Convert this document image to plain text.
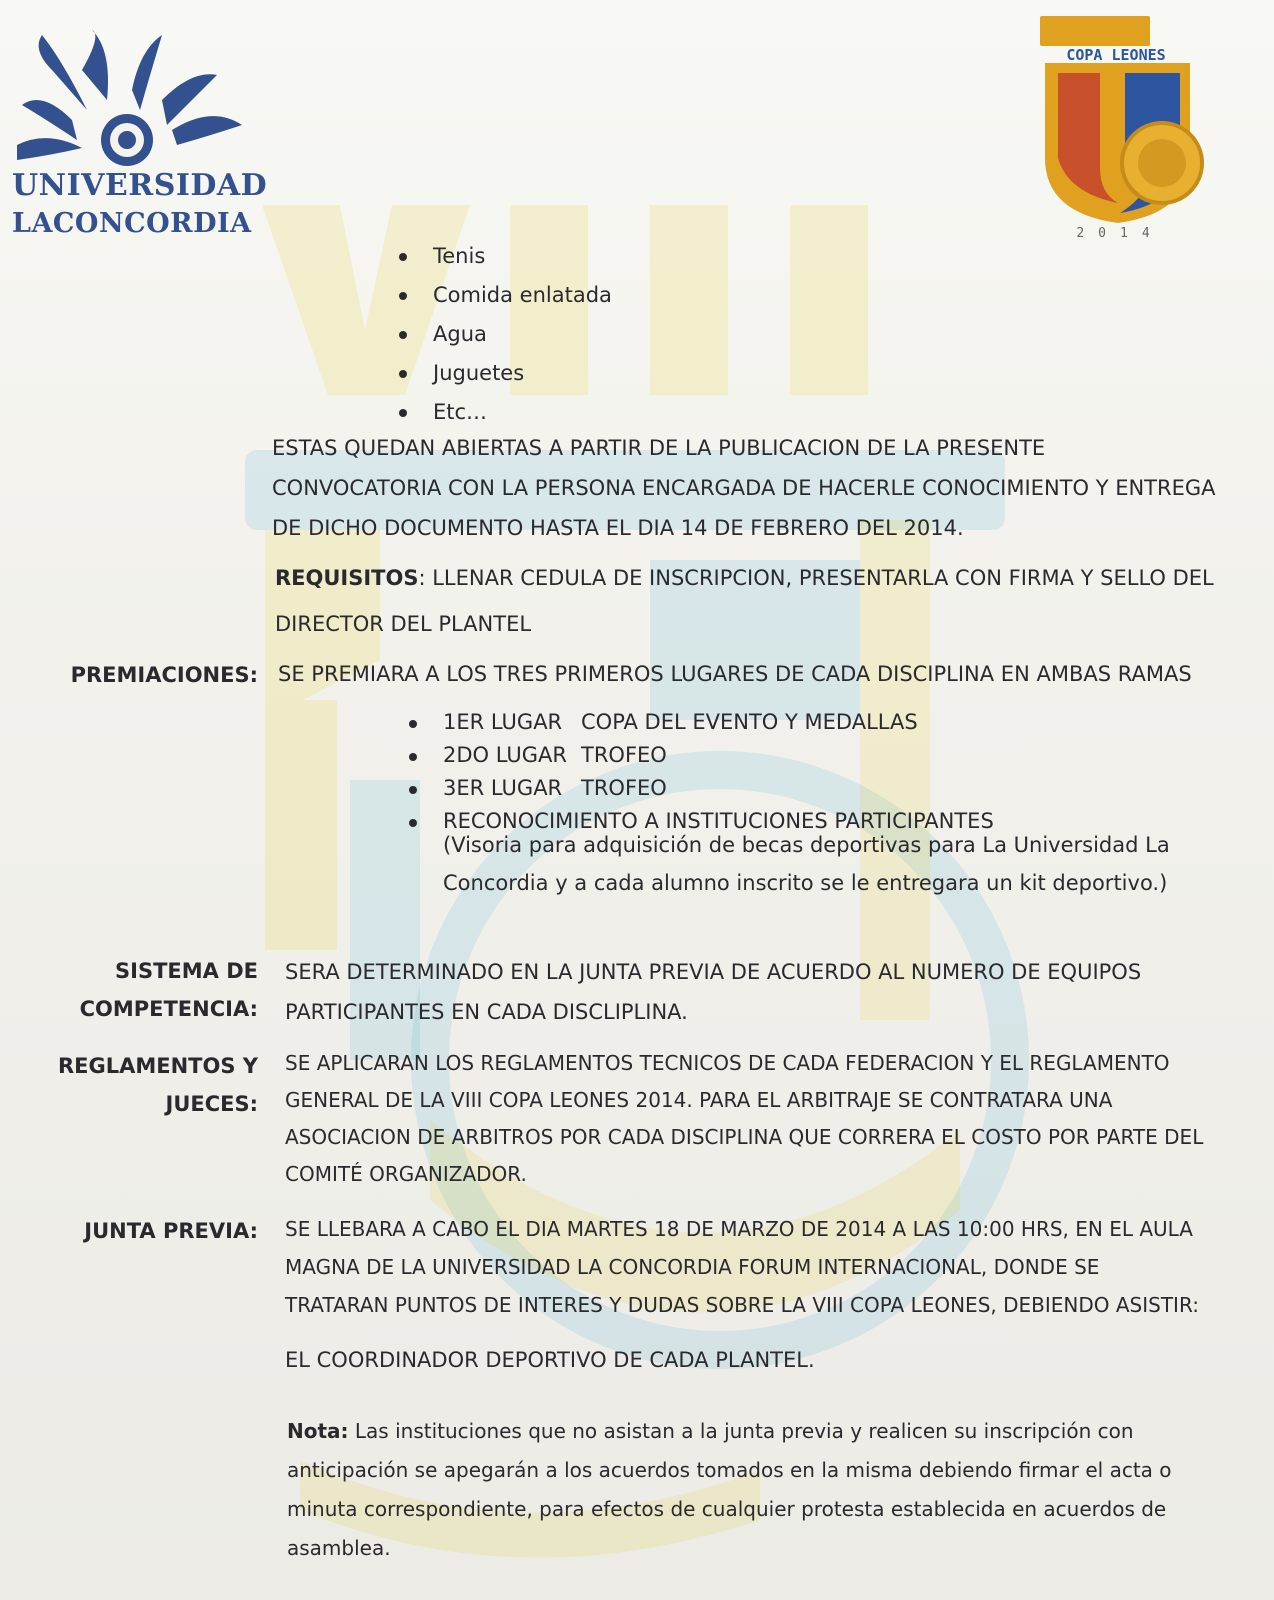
UNIVERSIDAD
LACONCORDIA
COPA LEONES
2014
Tenis
Comida enlatada
Agua
Juguetes
Etc…
ESTAS QUEDAN ABIERTAS A PARTIR DE LA PUBLICACION DE LA PRESENTE
CONVOCATORIA CON LA PERSONA ENCARGADA DE HACERLE CONOCIMIENTO Y ENTREGA
DE DICHO DOCUMENTO HASTA EL DIA 14 DE FEBRERO DEL 2014.
REQUISITOS: LLENAR CEDULA DE INSCRIPCION, PRESENTARLA CON FIRMA Y SELLO DEL
DIRECTOR DEL PLANTEL
PREMIACIONES: SE PREMIARA A LOS TRES PRIMEROS LUGARES DE CADA DISCIPLINA EN AMBAS RAMAS
1ER LUGAR COPA DEL EVENTO Y MEDALLAS
2DO LUGAR TROFEO
3ER LUGAR TROFEO
RECONOCIMIENTO A INSTITUCIONES PARTICIPANTES
(Visoria para adquisición de becas deportivas para La Universidad La
Concordia y a cada alumno inscrito se le entregara un kit deportivo.)
SISTEMA DE
COMPETENCIA:
SERA DETERMINADO EN LA JUNTA PREVIA DE ACUERDO AL NUMERO DE EQUIPOS
PARTICIPANTES EN CADA DISCLIPLINA.
REGLAMENTOS Y
JUECES:
SE APLICARAN LOS REGLAMENTOS TECNICOS DE CADA FEDERACION Y EL REGLAMENTO
GENERAL DE LA VIII COPA LEONES 2014. PARA EL ARBITRAJE SE CONTRATARA UNA
ASOCIACION DE ARBITROS POR CADA DISCIPLINA QUE CORRERA EL COSTO POR PARTE DEL
COMITÉ ORGANIZADOR.
JUNTA PREVIA: SE LLEBARA A CABO EL DIA MARTES 18 DE MARZO DE 2014 A LAS 10:00 HRS, EN EL AULA
MAGNA DE LA UNIVERSIDAD LA CONCORDIA FORUM INTERNACIONAL, DONDE SE
TRATARAN PUNTOS DE INTERES Y DUDAS SOBRE LA VIII COPA LEONES, DEBIENDO ASISTIR:
EL COORDINADOR DEPORTIVO DE CADA PLANTEL.
Nota: Las instituciones que no asistan a la junta previa y realicen su inscripción con
anticipación se apegarán a los acuerdos tomados en la misma debiendo firmar el acta o
minuta correspondiente, para efectos de cualquier protesta establecida en acuerdos de
asamblea.
